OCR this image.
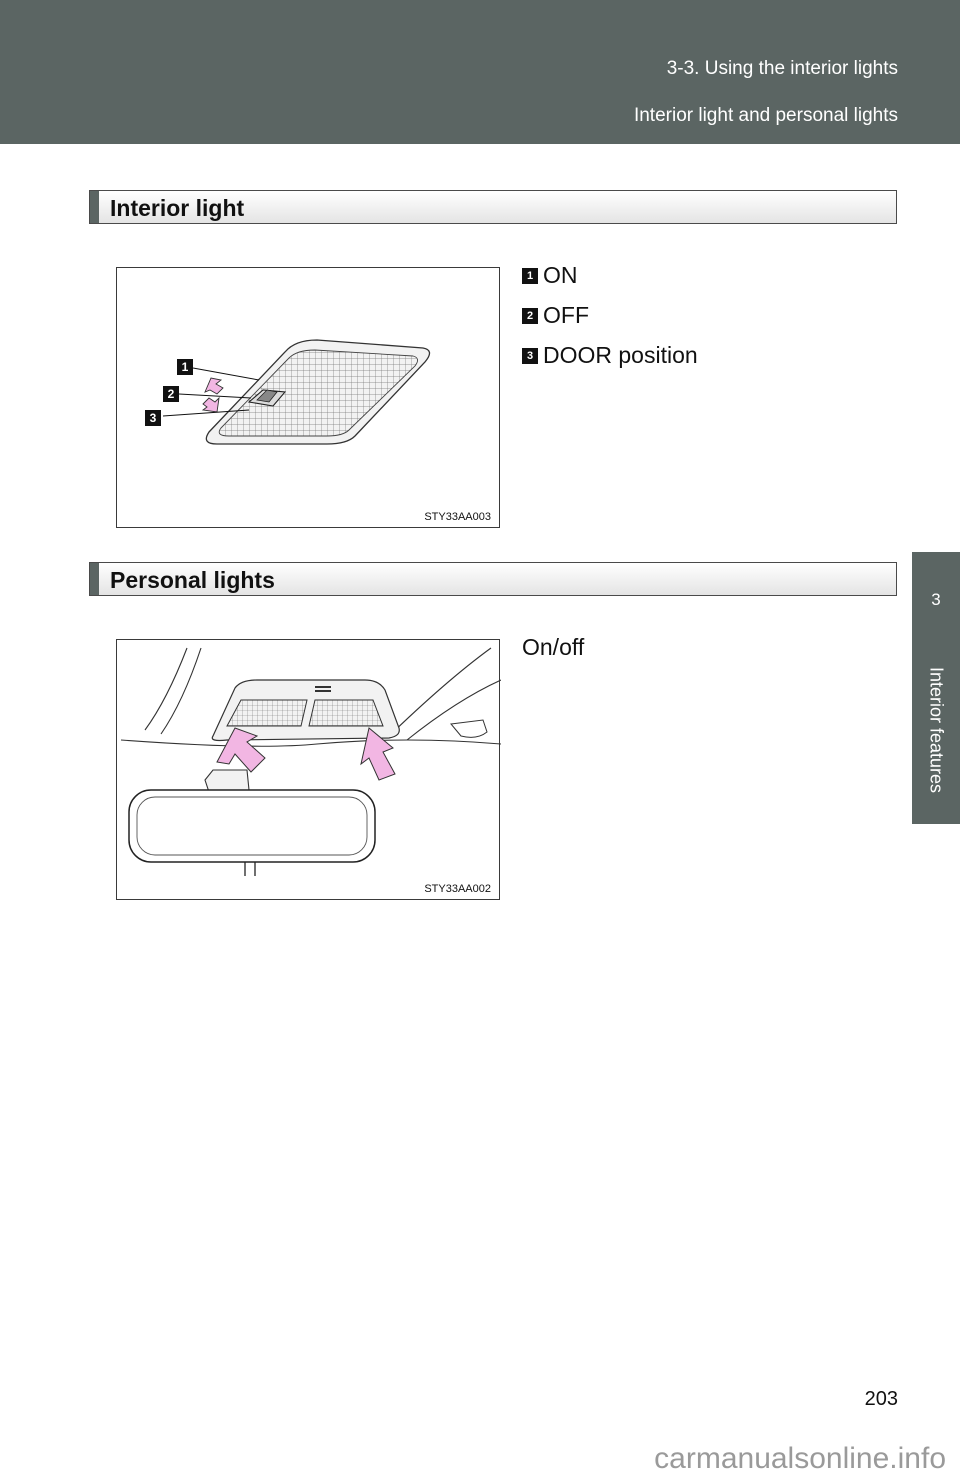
3-3. Using the interior lights
Interior light and personal lights
3
Interior features
Interior light
1
2
3
STY33AA003
1 ON
2 OFF
3 DOOR position
Personal lights
STY33AA002
On/off
203
carmanualsonline.info
